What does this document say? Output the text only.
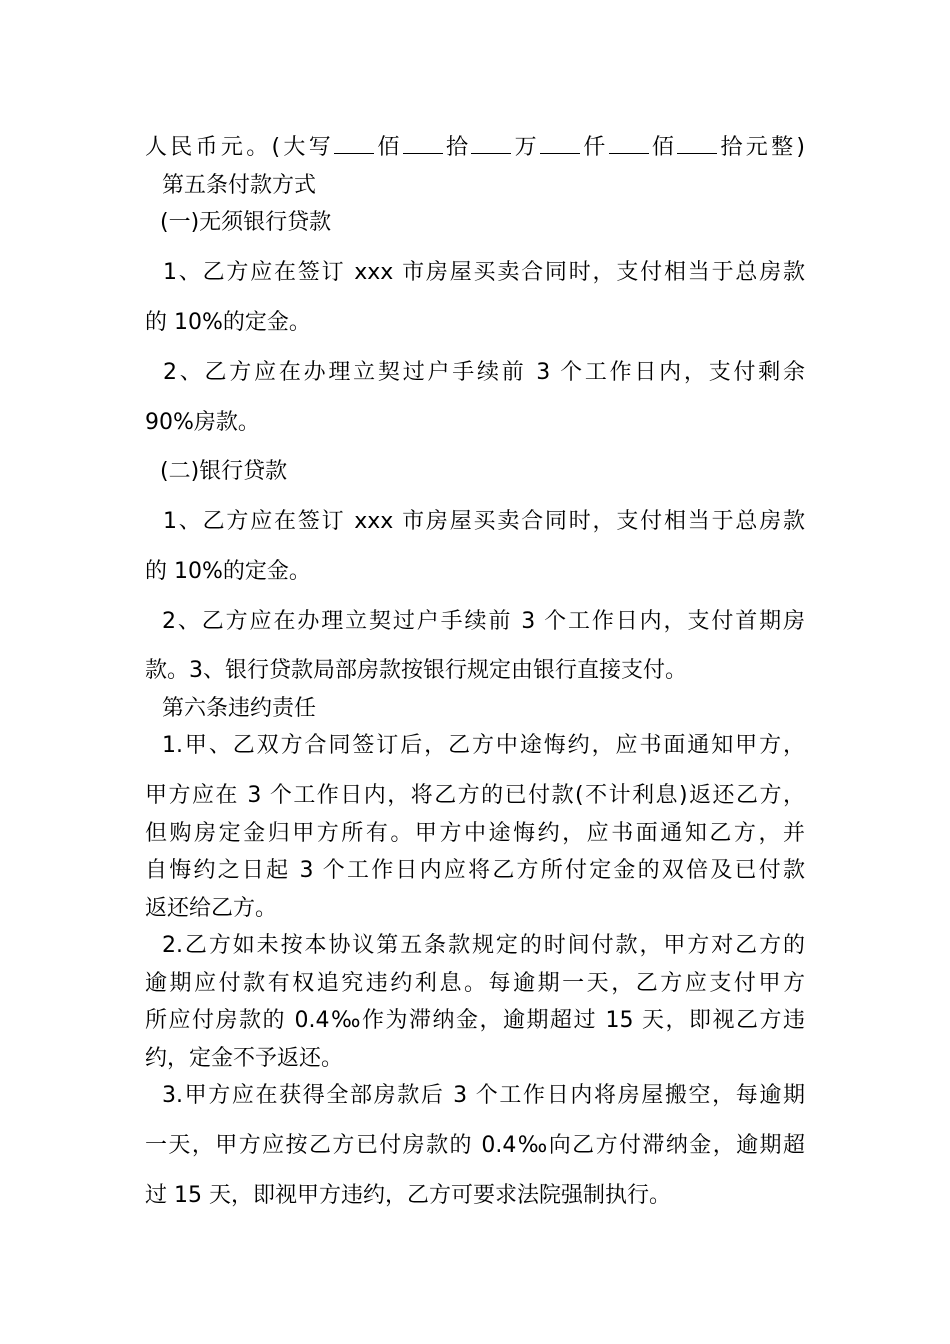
人民币元。(大写 佰 拾 万 仟 佰 拾元整)
第五条付款方式
(一)无须银行贷款
1、乙方应在签订 xxx 市房屋买卖合同时，支付相当于总房款
的 10%的定金。
2、乙方应在办理立契过户手续前 3 个工作日内，支付剩余
90%房款。
(二)银行贷款
1、乙方应在签订 xxx 市房屋买卖合同时，支付相当于总房款
的 10%的定金。
2、乙方应在办理立契过户手续前 3 个工作日内，支付首期房
款。3、银行贷款局部房款按银行规定由银行直接支付。
第六条违约责任
1.甲、乙双方合同签订后，乙方中途悔约，应书面通知甲方，
甲方应在 3 个工作日内，将乙方的已付款(不计利息)返还乙方，
但购房定金归甲方所有。甲方中途悔约，应书面通知乙方，并
自悔约之日起 3 个工作日内应将乙方所付定金的双倍及已付款
返还给乙方。
2.乙方如未按本协议第五条款规定的时间付款，甲方对乙方的
逾期应付款有权追究违约利息。每逾期一天，乙方应支付甲方
所应付房款的 0.4‰作为滞纳金，逾期超过 15 天，即视乙方违
约，定金不予返还。
3.甲方应在获得全部房款后 3 个工作日内将房屋搬空，每逾期
一天，甲方应按乙方已付房款的 0.4‰向乙方付滞纳金，逾期超
过 15 天，即视甲方违约，乙方可要求法院强制执行。
